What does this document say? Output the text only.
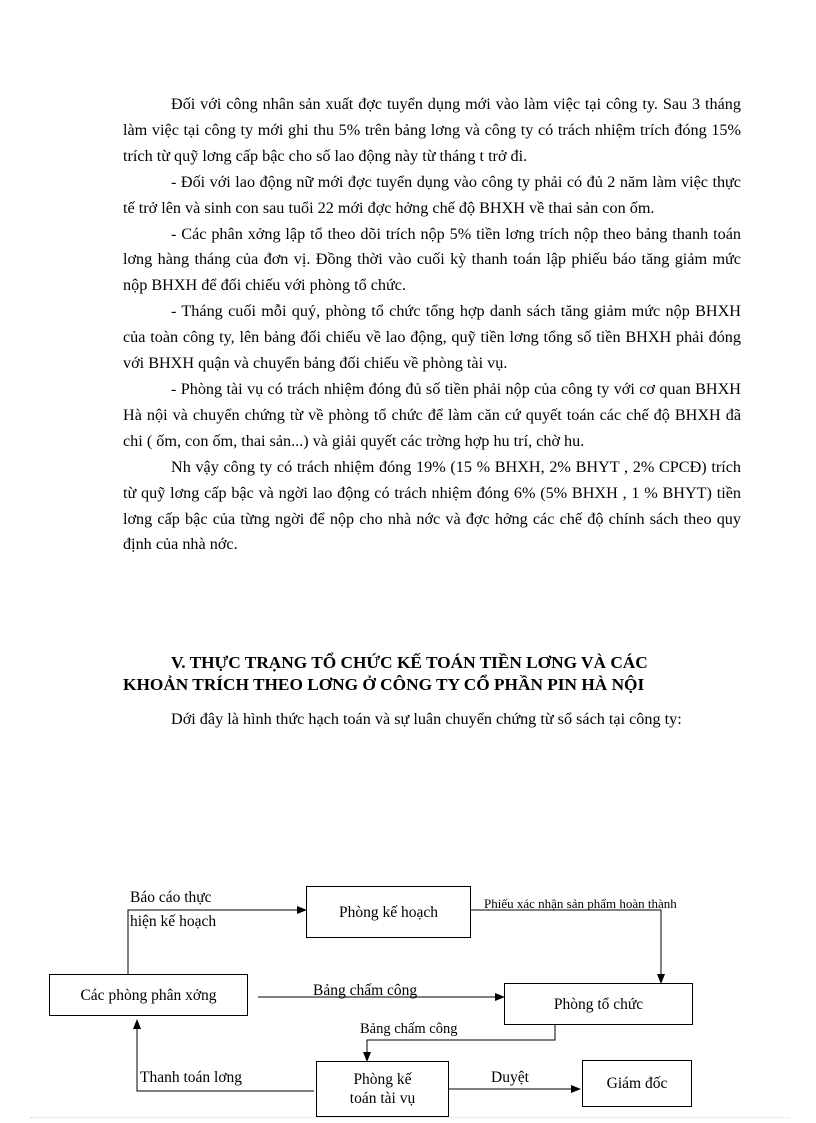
Đối với công nhân sản xuất đợc tuyển dụng mới vào làm việc tại công ty. Sau 3 tháng làm việc tại công ty mới ghi thu 5% trên bảng lơng và công ty có trách nhiệm trích đóng 15% trích từ quỹ lơng cấp bậc cho số lao động này từ tháng t trở đi.

- Đối với lao động nữ mới đợc tuyển dụng vào công ty phải có đủ 2 năm làm việc thực tế trở lên và sinh con sau tuổi 22 mới đợc hởng chế độ BHXH về thai sản con ốm.

- Các phân xởng lập tổ theo dõi trích nộp 5% tiền lơng trích nộp theo bảng thanh toán lơng hàng tháng của đơn vị. Đồng thời vào cuối kỳ thanh toán lập phiếu báo tăng giảm mức nộp BHXH để đối chiếu với phòng tổ chức.

- Tháng cuối mỗi quý, phòng tổ chức tổng hợp danh sách tăng giảm mức nộp BHXH của toàn công ty, lên bảng đối chiếu về lao động, quỹ tiền lơng tổng số tiền BHXH phải đóng với BHXH quận và chuyển bảng đối chiếu về phòng tài vụ.

- Phòng tài vụ có trách nhiệm đóng đủ số tiền phải nộp của công ty với cơ quan BHXH Hà nội và chuyển chứng từ về phòng tổ chức để làm căn cứ quyết toán các chế độ BHXH đã chi ( ốm, con ốm, thai sản...) và giải quyết các trờng hợp hu trí, chờ hu.

Nh vậy công ty có trách nhiệm đóng 19% (15 % BHXH, 2% BHYT , 2% CPCĐ) trích từ quỹ lơng cấp bậc và ngời lao động có trách nhiệm đóng 6% (5% BHXH , 1 % BHYT) tiền lơng cấp bậc của từng ngời để nộp cho nhà nớc và đợc hởng các chế độ chính sách theo quy định của nhà nớc.

V. THỰC TRẠNG TỔ CHỨC KẾ TOÁN TIỀN LƠNG VÀ CÁC
KHOẢN TRÍCH THEO LƠNG Ở CÔNG TY CỔ PHẦN PIN HÀ NỘI

Dới đây là hình thức hạch toán và sự luân chuyển chứng từ sổ sách tại công ty:

Phòng kế hoạch
Các phòng phân xởng
Phòng tổ chức
Phòng kế
toán tài vụ
Giám đốc
Báo cáo thực
hiện kế hoạch
Phiếu xác nhận sản phẩm hoàn thành
Bảng chấm công
Bảng chấm công
Thanh toán lơng	Duyệt
